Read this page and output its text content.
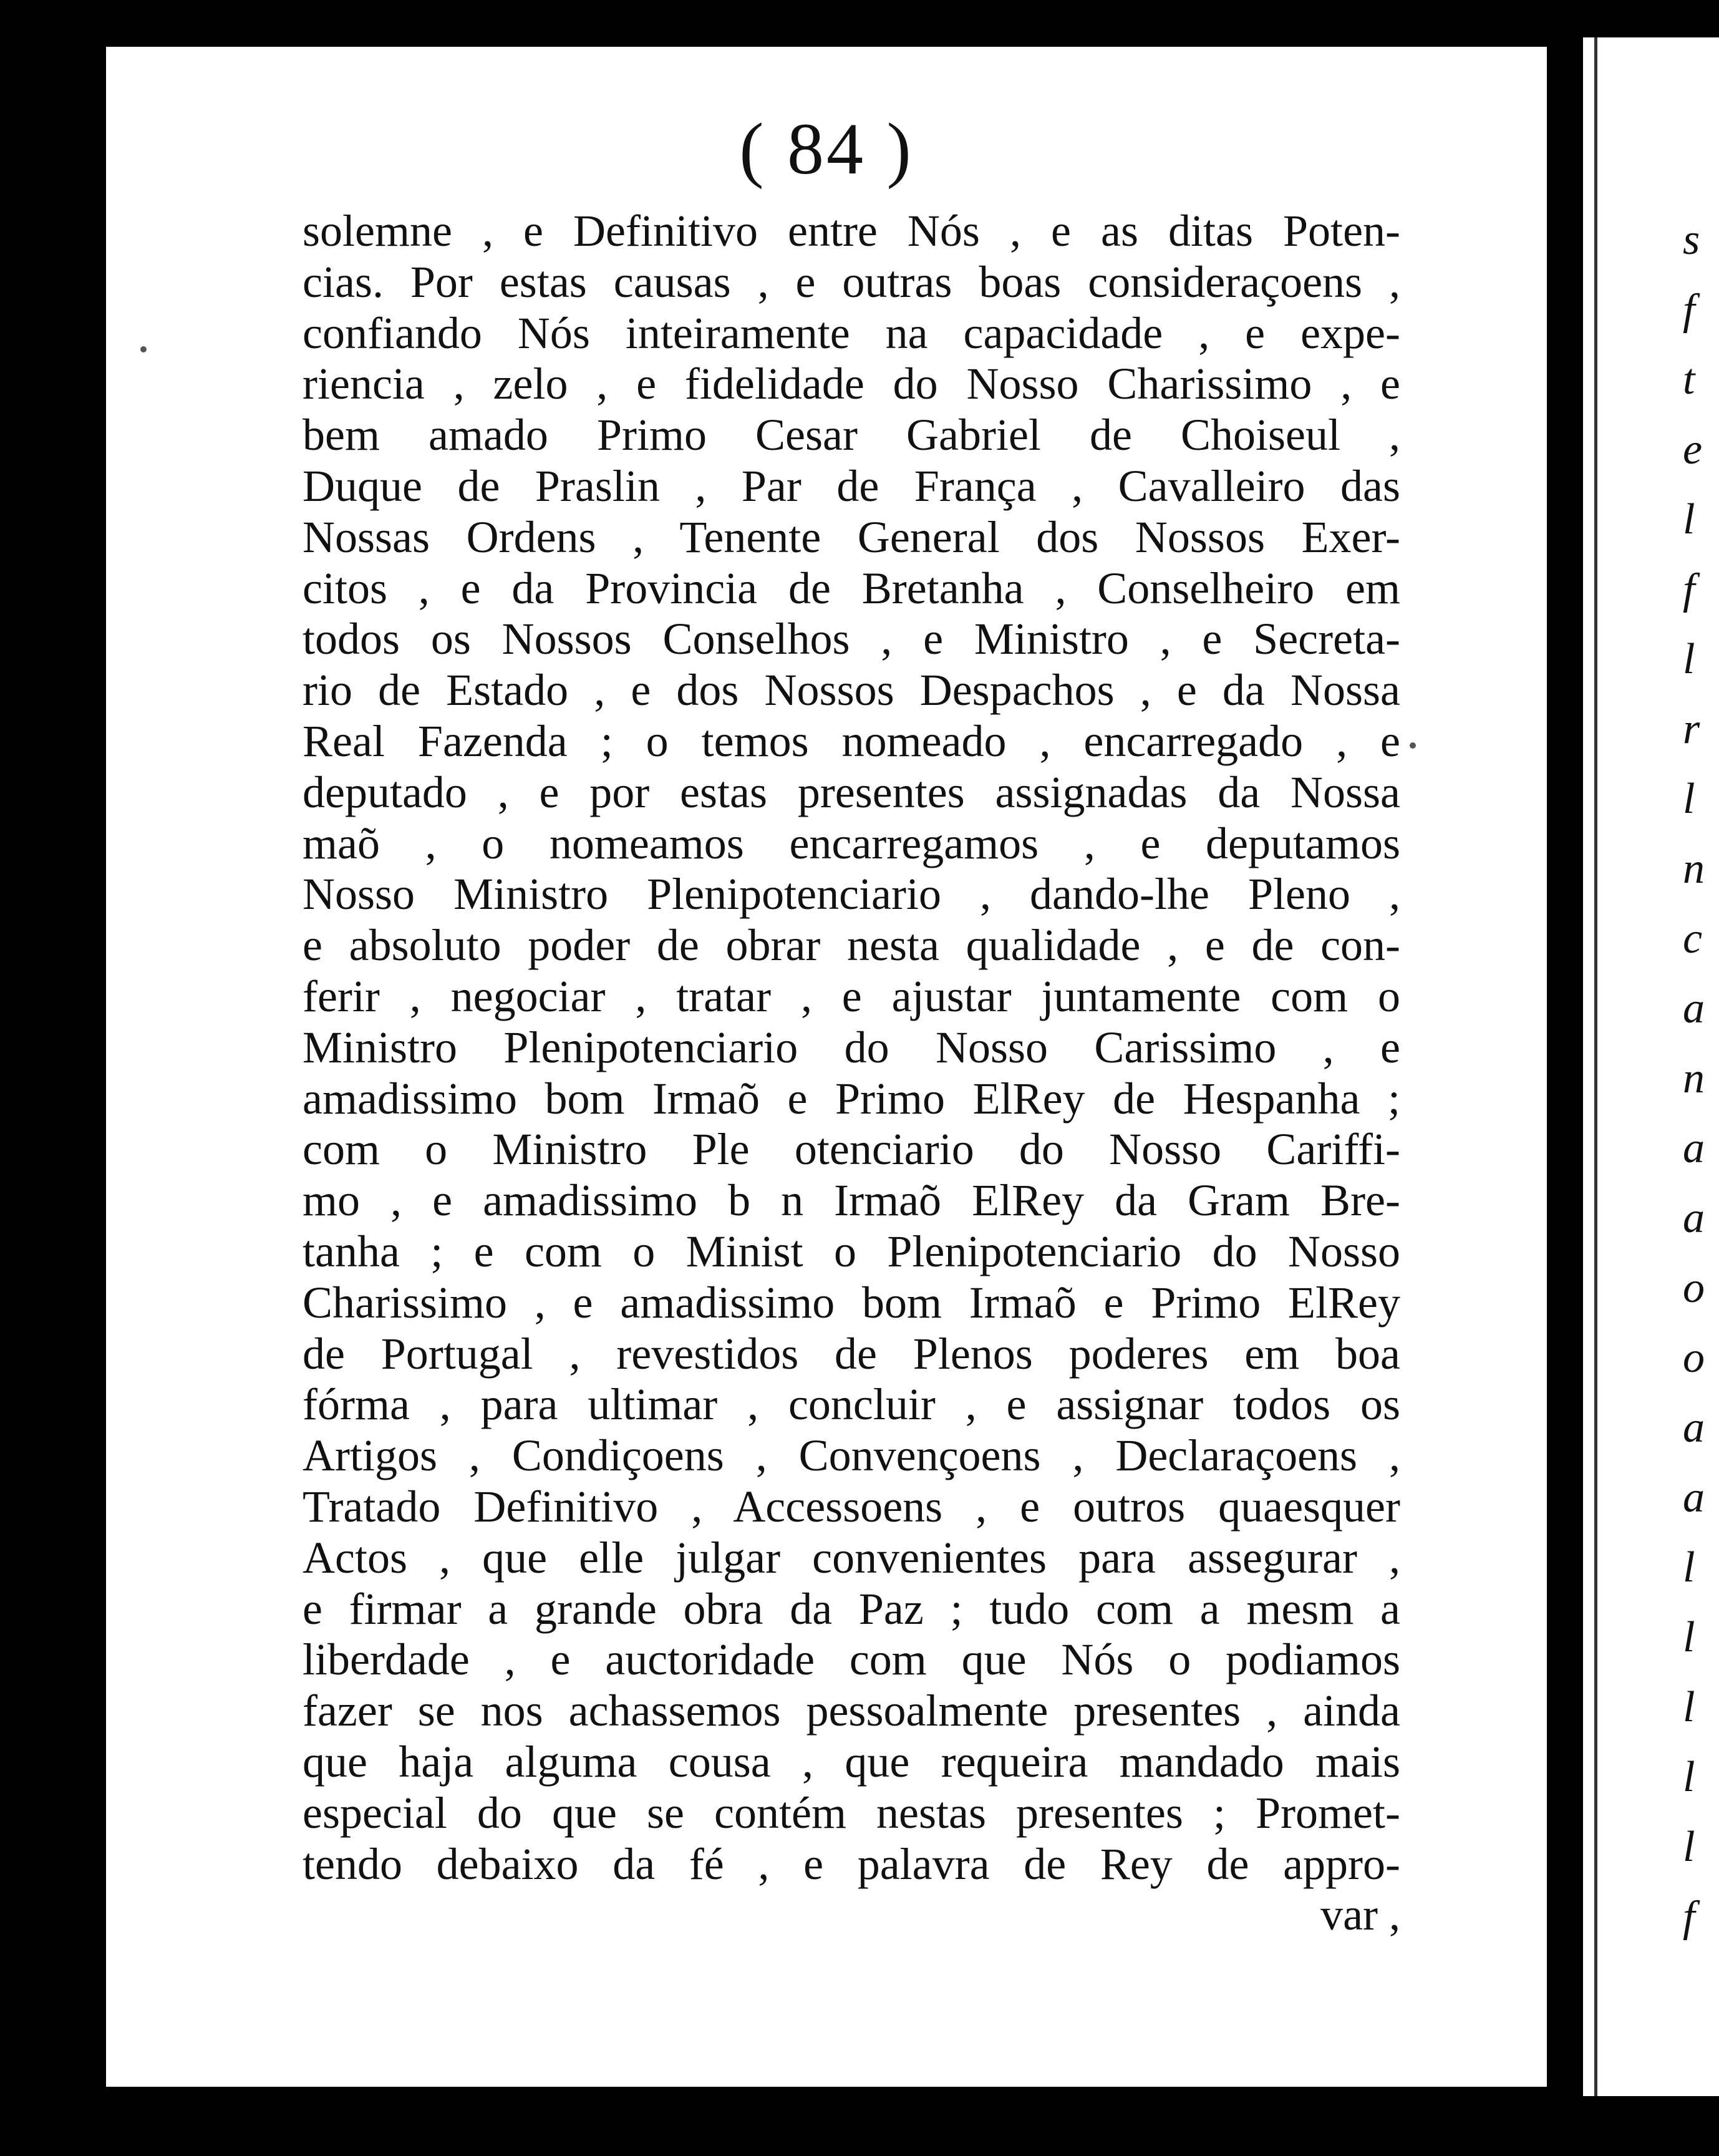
( 84 )
solemne , e Definitivo entre Nós , e as ditas Poten-
cias. Por estas causas , e outras boas consideraçoens ,
confiando Nós inteiramente na capacidade , e expe-
riencia , zelo , e fidelidade do Nosso Charissimo , e
bem amado Primo Cesar Gabriel de Choiseul ,
Duque de Praslin , Par de França , Cavalleiro das
Nossas Ordens , Tenente General dos Nossos Exer-
citos , e da Provincia de Bretanha , Conselheiro em
todos os Nossos Conselhos , e Ministro , e Secreta-
rio de Estado , e dos Nossos Despachos , e da Nossa
Real Fazenda ; o temos nomeado , encarregado , e
deputado , e por estas presentes assignadas da Nossa
maõ , o nomeamos encarregamos , e deputamos
Nosso Ministro Plenipotenciario , dando-lhe Pleno ,
e absoluto poder de obrar nesta qualidade , e de con-
ferir , negociar , tratar , e ajustar juntamente com o
Ministro Plenipotenciario do Nosso Carissimo , e
amadissimo bom Irmaõ e Primo ElRey de Hespanha ;
com o Ministro Ple otenciario do Nosso Cariffi-
mo , e amadissimo b n Irmaõ ElRey da Gram Bre-
tanha ; e com o Minist o Plenipotenciario do Nosso
Charissimo , e amadissimo bom Irmaõ e Primo ElRey
de Portugal , revestidos de Plenos poderes em boa
fórma , para ultimar , concluir , e assignar todos os
Artigos , Condiçoens , Convençoens , Declaraçoens ,
Tratado Definitivo , Accessoens , e outros quaesquer
Actos , que elle julgar convenientes para assegurar ,
e firmar a grande obra da Paz ; tudo com a mesm a
liberdade , e auctoridade com que Nós o podiamos
fazer se nos achassemos pessoalmente presentes , ainda
que haja alguma cousa , que requeira mandado mais
especial do que se contém nestas presentes ; Promet-
tendo debaixo da fé , e palavra de Rey de appro-
var ,
s
f
t
e
l
f
l
r
l
n
c
a
n
a
a
o
o
a
a
l
l
l
l
l
f
